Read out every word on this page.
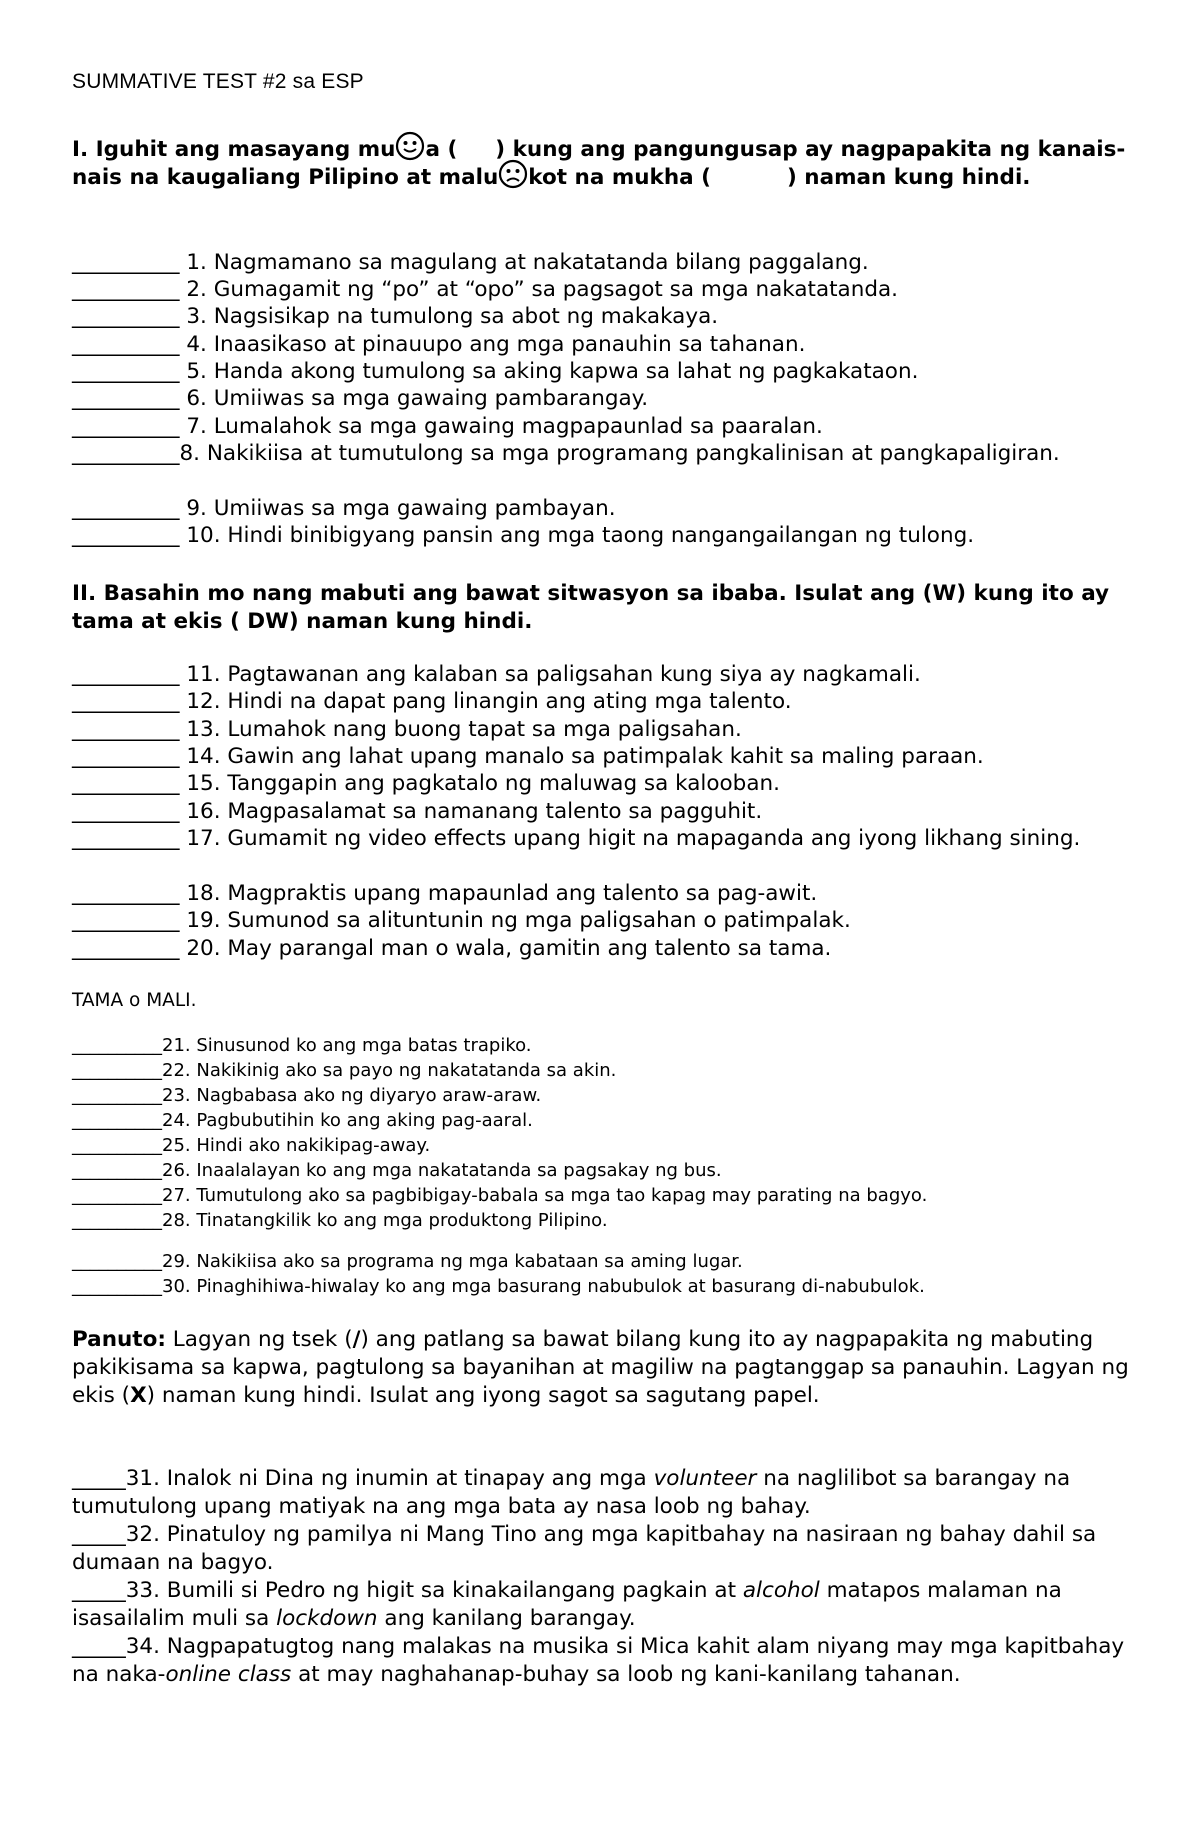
SUMMATIVE TEST #2 sa ESP
I. Iguhit ang masayang mu a ( ) kung ang pangungusap ay nagpapakita ng kanais-nais na kaugaliang Pilipino at malu kot na mukha (	) naman kung hindi.
__________ 1. Nagmamano sa magulang at nakatatanda bilang paggalang.
__________ 2. Gumagamit ng “po” at “opo” sa pagsagot sa mga nakatatanda.
__________ 3. Nagsisikap na tumulong sa abot ng makakaya.
__________ 4. Inaasikaso at pinauupo ang mga panauhin sa tahanan.
__________ 5. Handa akong tumulong sa aking kapwa sa lahat ng pagkakataon.
__________ 6. Umiiwas sa mga gawaing pambarangay.
__________ 7. Lumalahok sa mga gawaing magpapaunlad sa paaralan.
__________8. Nakikiisa at tumutulong sa mga programang pangkalinisan at pangkapaligiran.
__________ 9. Umiiwas sa mga gawaing pambayan.
__________ 10. Hindi binibigyang pansin ang mga taong nangangailangan ng tulong.
II. Basahin mo nang mabuti ang bawat sitwasyon sa ibaba. Isulat ang (W) kung ito ay tama at ekis ( DW) naman kung hindi.
__________ 11. Pagtawanan ang kalaban sa paligsahan kung siya ay nagkamali.
__________ 12. Hindi na dapat pang linangin ang ating mga talento.
__________ 13. Lumahok nang buong tapat sa mga paligsahan.
__________ 14. Gawin ang lahat upang manalo sa patimpalak kahit sa maling paraan.
__________ 15. Tanggapin ang pagkatalo ng maluwag sa kalooban.
__________ 16. Magpasalamat sa namanang talento sa pagguhit.
__________ 17. Gumamit ng video effects upang higit na mapaganda ang iyong likhang sining.
__________ 18. Magpraktis upang mapaunlad ang talento sa pag-awit.
__________ 19. Sumunod sa alituntunin ng mga paligsahan o patimpalak.
__________ 20. May parangal man o wala, gamitin ang talento sa tama.
TAMA o MALI.
__________21. Sinusunod ko ang mga batas trapiko.
__________22. Nakikinig ako sa payo ng nakatatanda sa akin.
__________23. Nagbabasa ako ng diyaryo araw-araw.
__________24. Pagbubutihin ko ang aking pag-aaral.
__________25. Hindi ako nakikipag-away.
__________26. Inaalalayan ko ang mga nakatatanda sa pagsakay ng bus.
__________27. Tumutulong ako sa pagbibigay-babala sa mga tao kapag may parating na bagyo.
__________28. Tinatangkilik ko ang mga produktong Pilipino.
__________29. Nakikiisa ako sa programa ng mga kabataan sa aming lugar.
__________30. Pinaghihiwa-hiwalay ko ang mga basurang nabubulok at basurang di-nabubulok.
Panuto: Lagyan ng tsek (/) ang patlang sa bawat bilang kung ito ay nagpapakita ng mabuting pakikisama sa kapwa, pagtulong sa bayanihan at magiliw na pagtanggap sa panauhin. Lagyan ng ekis (X) naman kung hindi. Isulat ang iyong sagot sa sagutang papel.
_____31. Inalok ni Dina ng inumin at tinapay ang mga volunteer na naglilibot sa barangay na tumutulong upang matiyak na ang mga bata ay nasa loob ng bahay.
_____32. Pinatuloy ng pamilya ni Mang Tino ang mga kapitbahay na nasiraan ng bahay dahil sa dumaan na bagyo.
_____33. Bumili si Pedro ng higit sa kinakailangang pagkain at alcohol matapos malaman na isasailalim muli sa lockdown ang kanilang barangay.
_____34. Nagpapatugtog nang malakas na musika si Mica kahit alam niyang may mga kapitbahay na naka-online class at may naghahanap-buhay sa loob ng kani-kanilang tahanan.
